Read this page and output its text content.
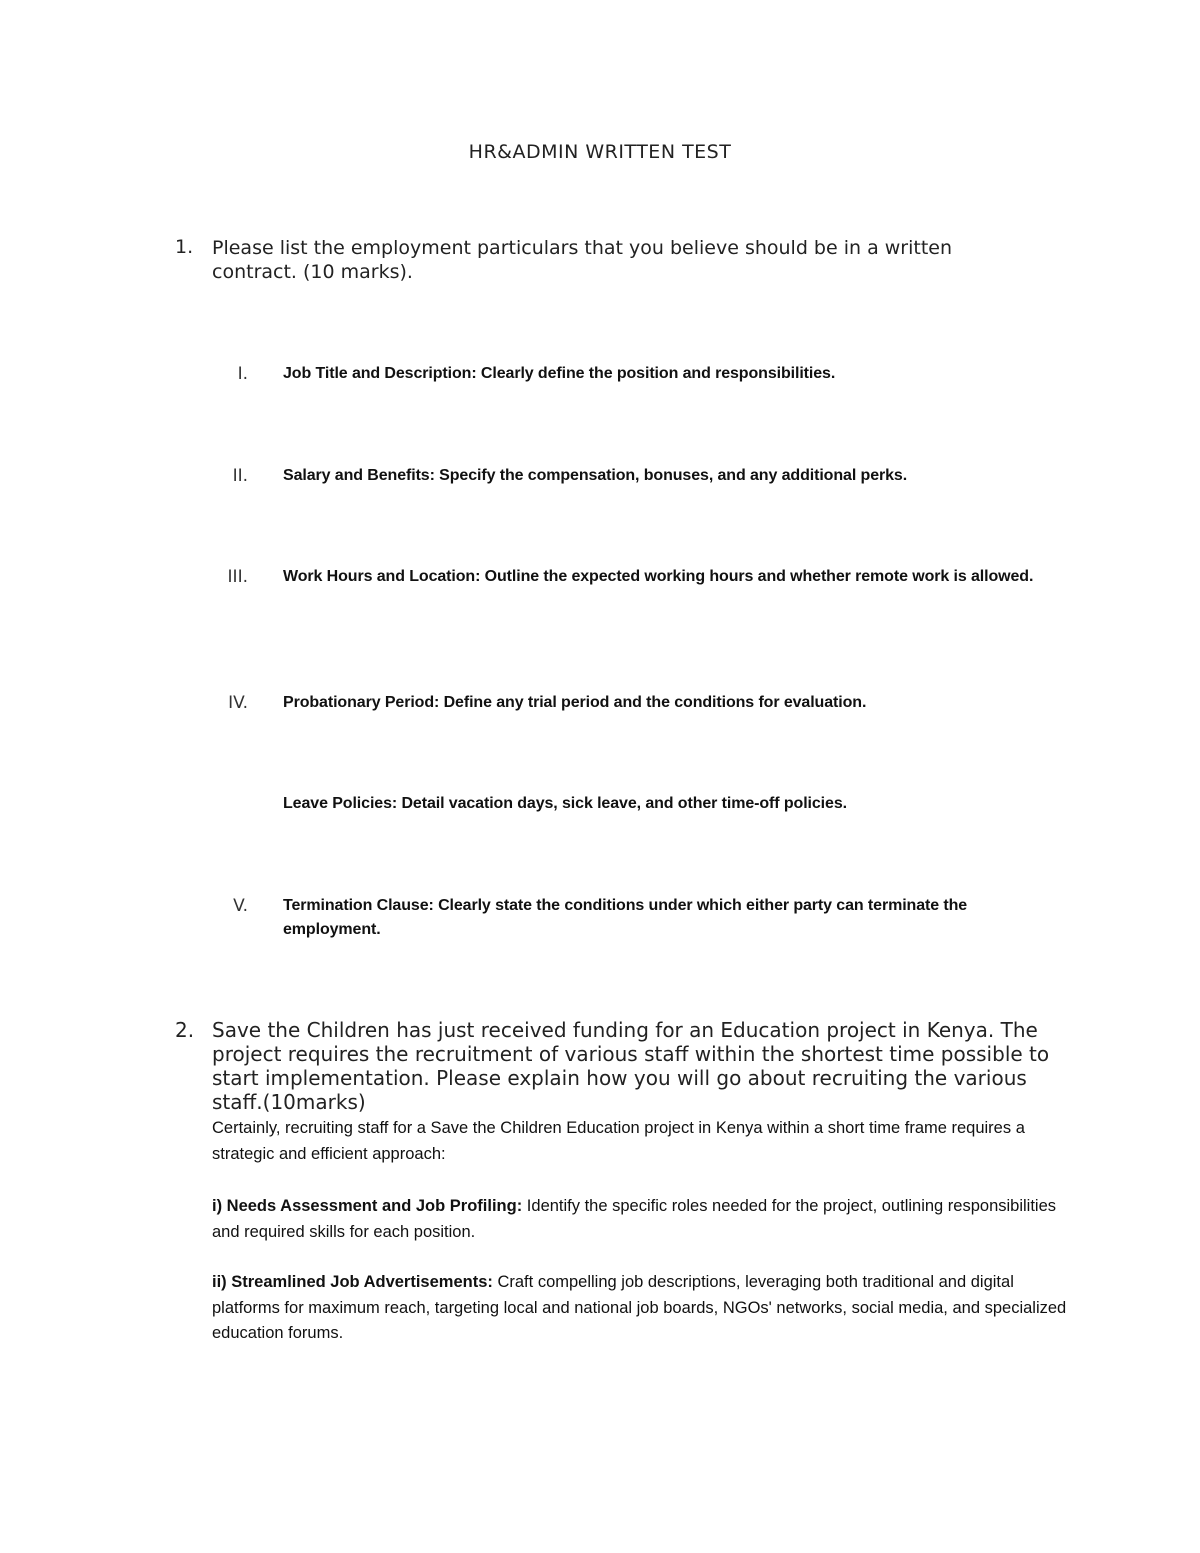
HR&ADMIN WRITTEN TEST
1. Please list the employment particulars that you believe should be in a written contract. (10 marks).
I. Job Title and Description: Clearly define the position and responsibilities.
II. Salary and Benefits: Specify the compensation, bonuses, and any additional perks.
III. Work Hours and Location: Outline the expected working hours and whether remote work is allowed.
IV. Probationary Period: Define any trial period and the conditions for evaluation.
Leave Policies: Detail vacation days, sick leave, and other time-off policies.
V. Termination Clause: Clearly state the conditions under which either party can terminate the employment.
2. Save the Children has just received funding for an Education project in Kenya. The project requires the recruitment of various staff within the shortest time possible to start implementation. Please explain how you will go about recruiting the various staff.(10marks)
Certainly, recruiting staff for a Save the Children Education project in Kenya within a short time frame requires a strategic and efficient approach:
i) Needs Assessment and Job Profiling: Identify the specific roles needed for the project, outlining responsibilities and required skills for each position.
ii) Streamlined Job Advertisements: Craft compelling job descriptions, leveraging both traditional and digital platforms for maximum reach, targeting local and national job boards, NGOs' networks, social media, and specialized education forums.
